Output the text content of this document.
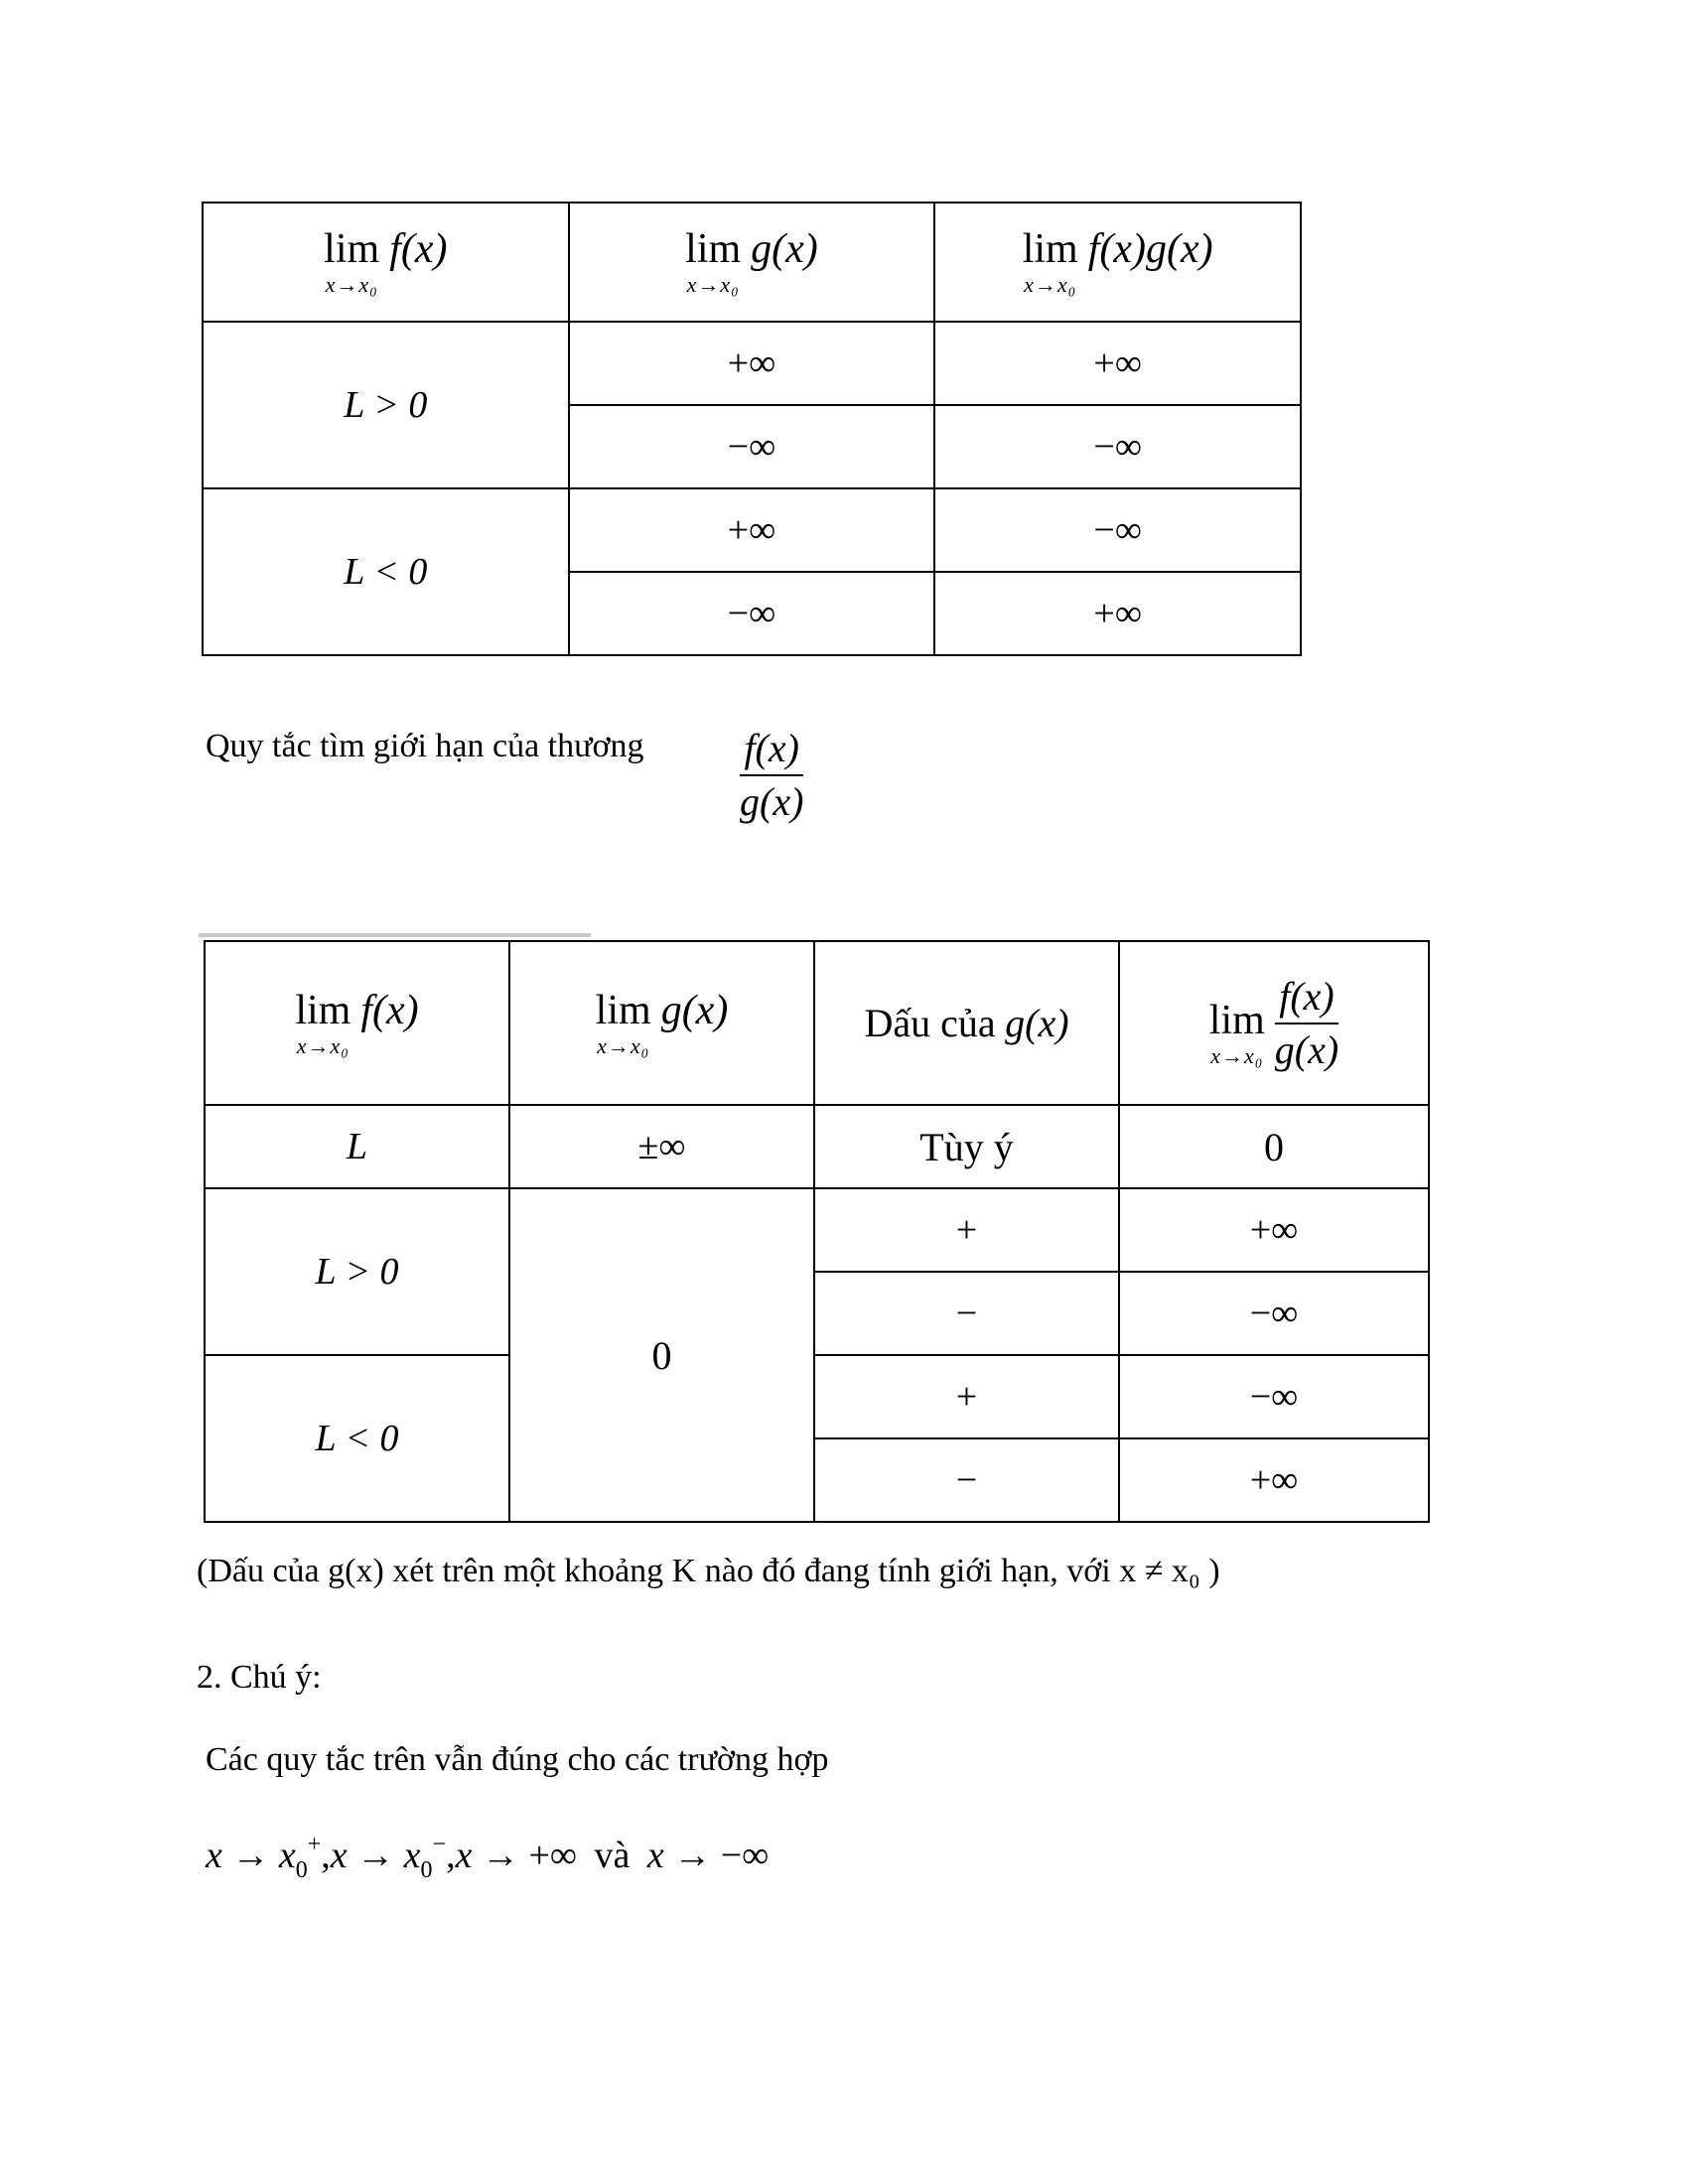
lim
x→x₀
f(x)	lim
x→x₀
g(x)	lim
x→x₀
f(x)g(x)

L > 0	+∞	+∞
	−∞	−∞
L < 0	+∞	−∞
	−∞	+∞
Quy tắc tìm giới hạn của thương $\frac{f(x)}{g(x)}$
lim
x→x₀
f(x)	lim
x→x₀
g(x)	Dấu của g(x)	lim
$x\to x_0 \frac{f(x)}{g(x)}$

L	±∞	Tùy ý	0
L > 0	0	+	+∞
		−	−∞
L < 0		+	−∞
		−	+∞
(Dấu của g(x) xét trên một khoảng K nào đó đang tính giới hạn, với x ≠ x₀ )
2. Chú ý:
Các quy tắc trên vẫn đúng cho các trường hợp
$x \to x_0^+,x \to x_0^-,x$ → +∞ và x → −∞
